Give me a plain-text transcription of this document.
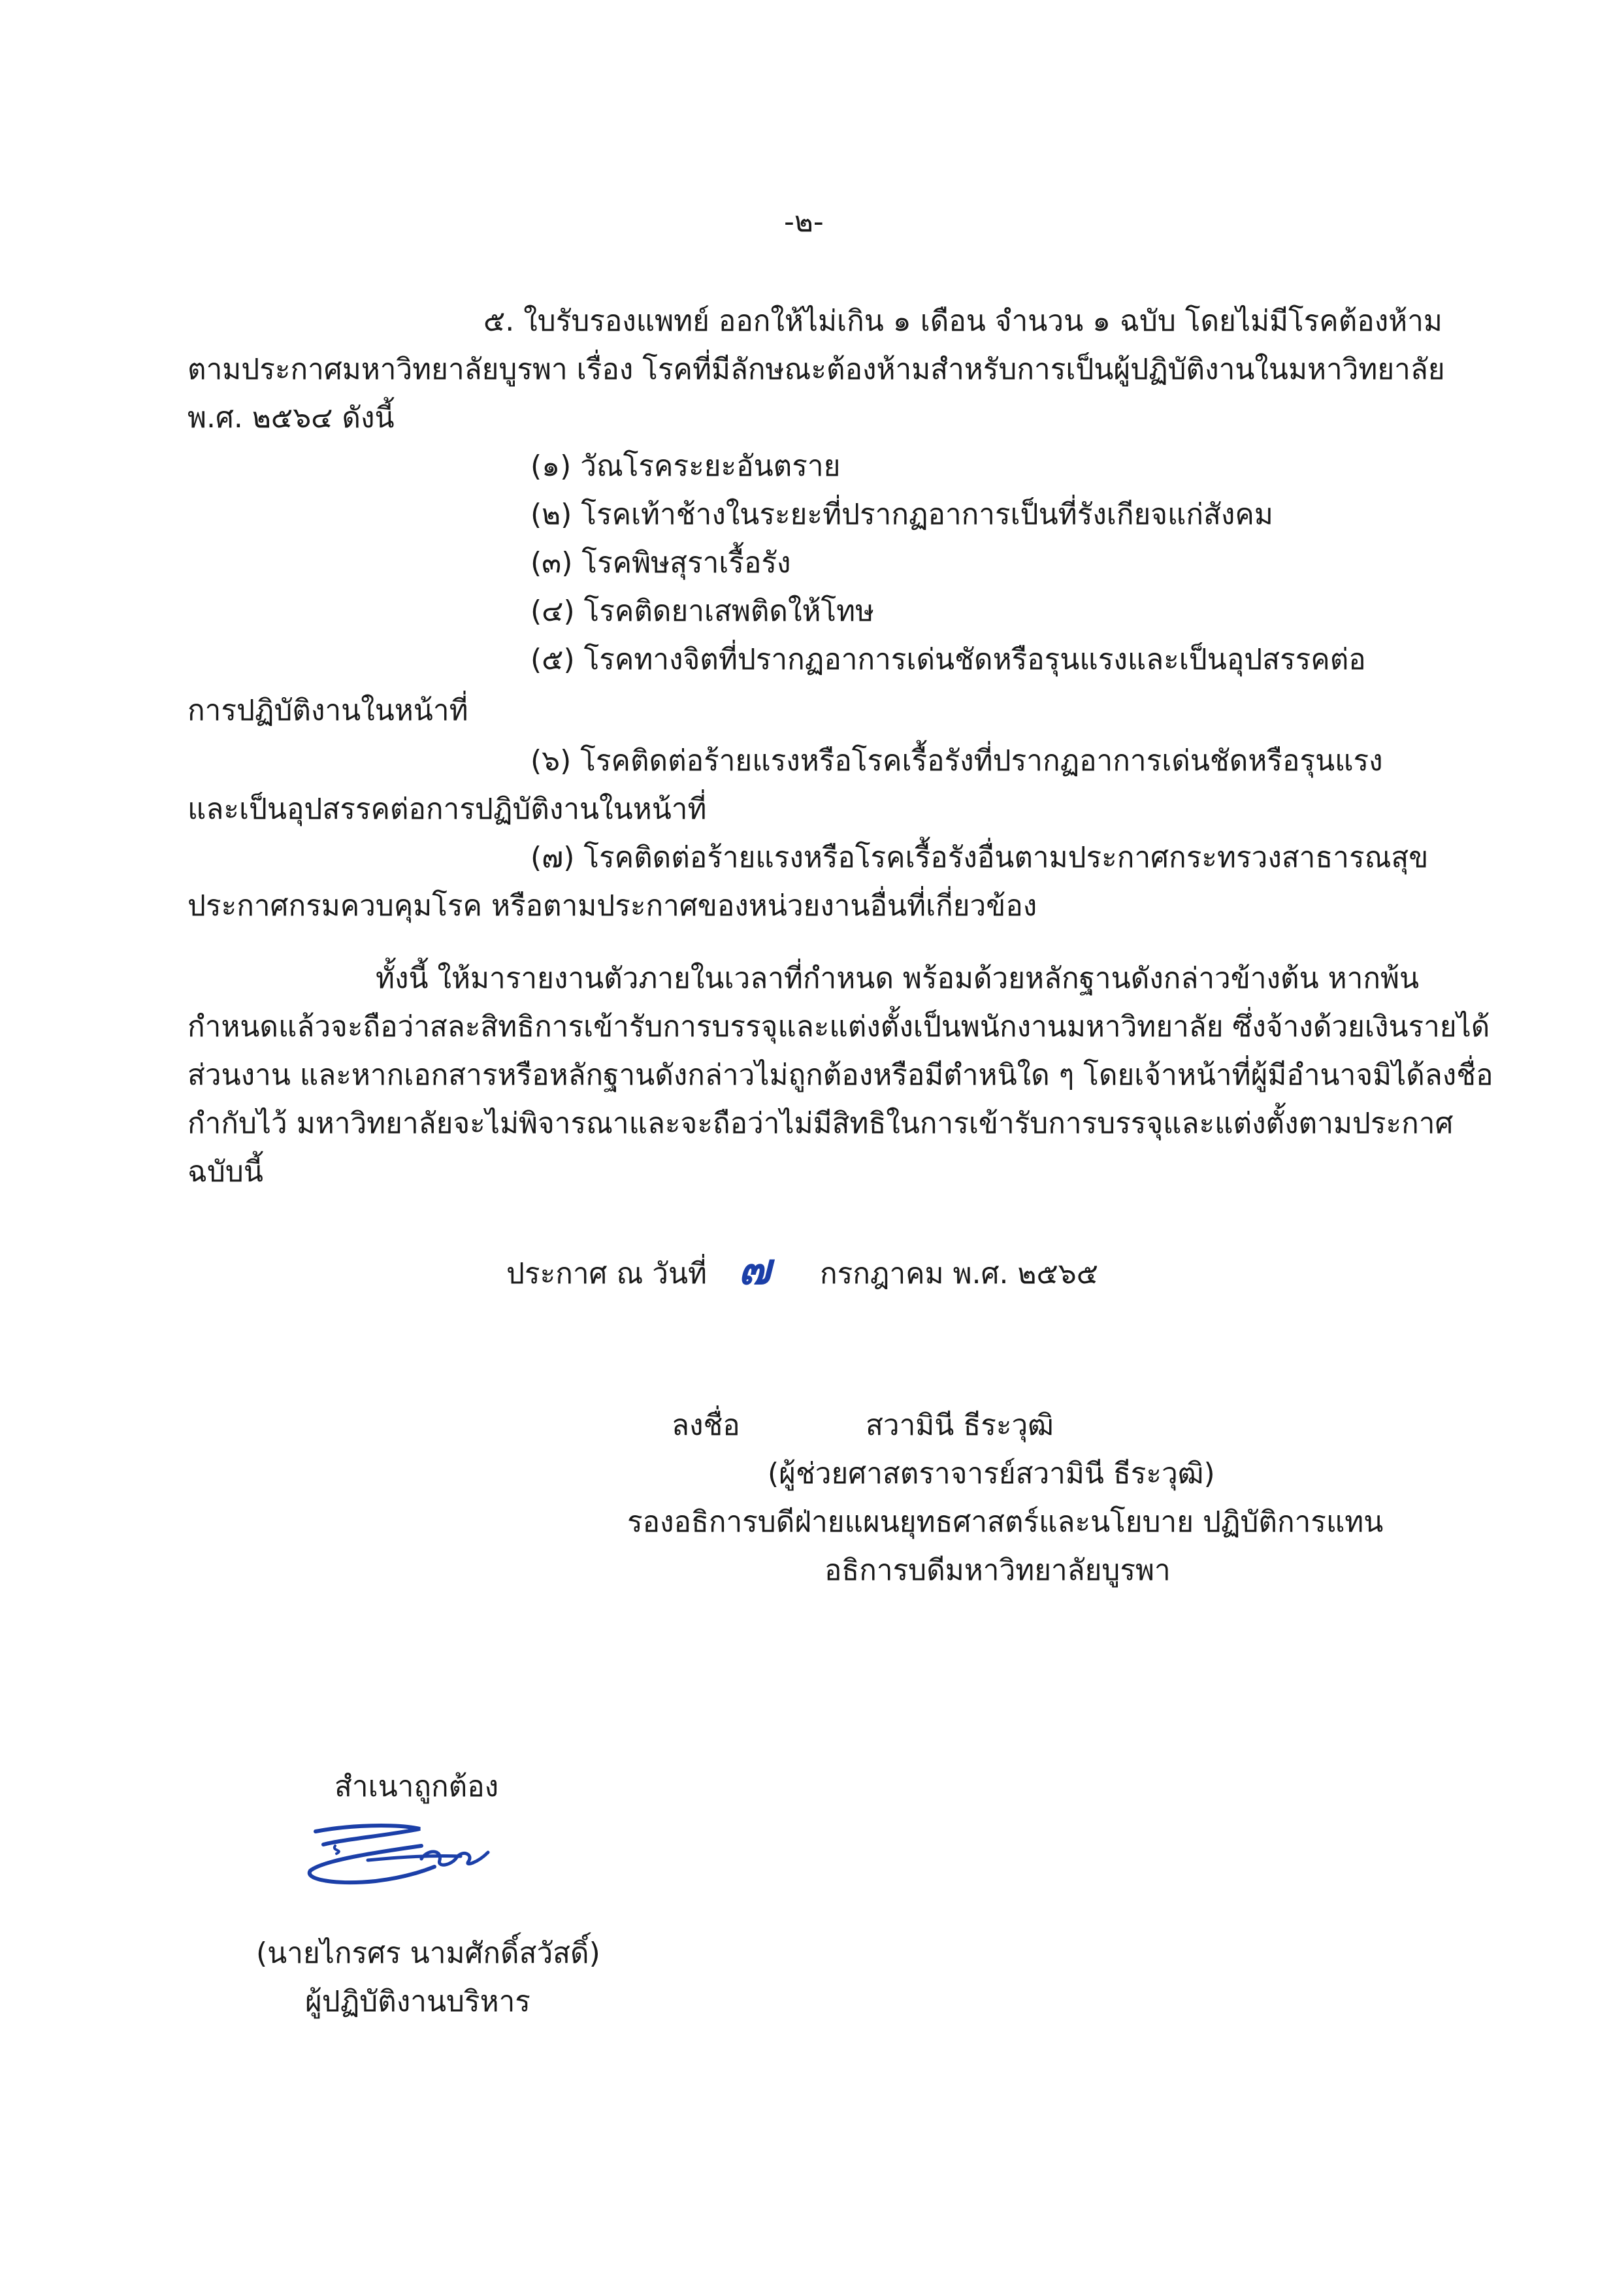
-๒-
๕. ใบรับรองแพทย์ ออกให้ไม่เกิน ๑ เดือน จำนวน ๑ ฉบับ โดยไม่มีโรคต้องห้าม
ตามประกาศมหาวิทยาลัยบูรพา เรื่อง โรคที่มีลักษณะต้องห้ามสำหรับการเป็นผู้ปฏิบัติงานในมหาวิทยาลัย
พ.ศ. ๒๕๖๔ ดังนี้
(๑) วัณโรคระยะอันตราย
(๒) โรคเท้าช้างในระยะที่ปรากฏอาการเป็นที่รังเกียจแก่สังคม
(๓) โรคพิษสุราเรื้อรัง
(๔) โรคติดยาเสพติดให้โทษ
(๕) โรคทางจิตที่ปรากฏอาการเด่นชัดหรือรุนแรงและเป็นอุปสรรคต่อ
การปฏิบัติงานในหน้าที่
(๖) โรคติดต่อร้ายแรงหรือโรคเรื้อรังที่ปรากฏอาการเด่นชัดหรือรุนแรง
และเป็นอุปสรรคต่อการปฏิบัติงานในหน้าที่
(๗) โรคติดต่อร้ายแรงหรือโรคเรื้อรังอื่นตามประกาศกระทรวงสาธารณสุข
ประกาศกรมควบคุมโรค หรือตามประกาศของหน่วยงานอื่นที่เกี่ยวข้อง
ทั้งนี้ ให้มารายงานตัวภายในเวลาที่กำหนด พร้อมด้วยหลักฐานดังกล่าวข้างต้น หากพ้น
กำหนดแล้วจะถือว่าสละสิทธิการเข้ารับการบรรจุและแต่งตั้งเป็นพนักงานมหาวิทยาลัย ซึ่งจ้างด้วยเงินรายได้
ส่วนงาน และหากเอกสารหรือหลักฐานดังกล่าวไม่ถูกต้องหรือมีตำหนิใด ๆ โดยเจ้าหน้าที่ผู้มีอำนาจมิได้ลงชื่อ
กำกับไว้ มหาวิทยาลัยจะไม่พิจารณาและจะถือว่าไม่มีสิทธิในการเข้ารับการบรรจุและแต่งตั้งตามประกาศ
ฉบับนี้
ประกาศ ณ วันที่ ๗ กรกฎาคม พ.ศ. ๒๕๖๕
ลงชื่อ	สวามินี ธีระวุฒิ
(ผู้ช่วยศาสตราจารย์สวามินี ธีระวุฒิ)
รองอธิการบดีฝ่ายแผนยุทธศาสตร์และนโยบาย ปฏิบัติการแทน
อธิการบดีมหาวิทยาลัยบูรพา
สำเนาถูกต้อง
(นายไกรศร นามศักดิ์สวัสดิ์)
ผู้ปฏิบัติงานบริหาร
